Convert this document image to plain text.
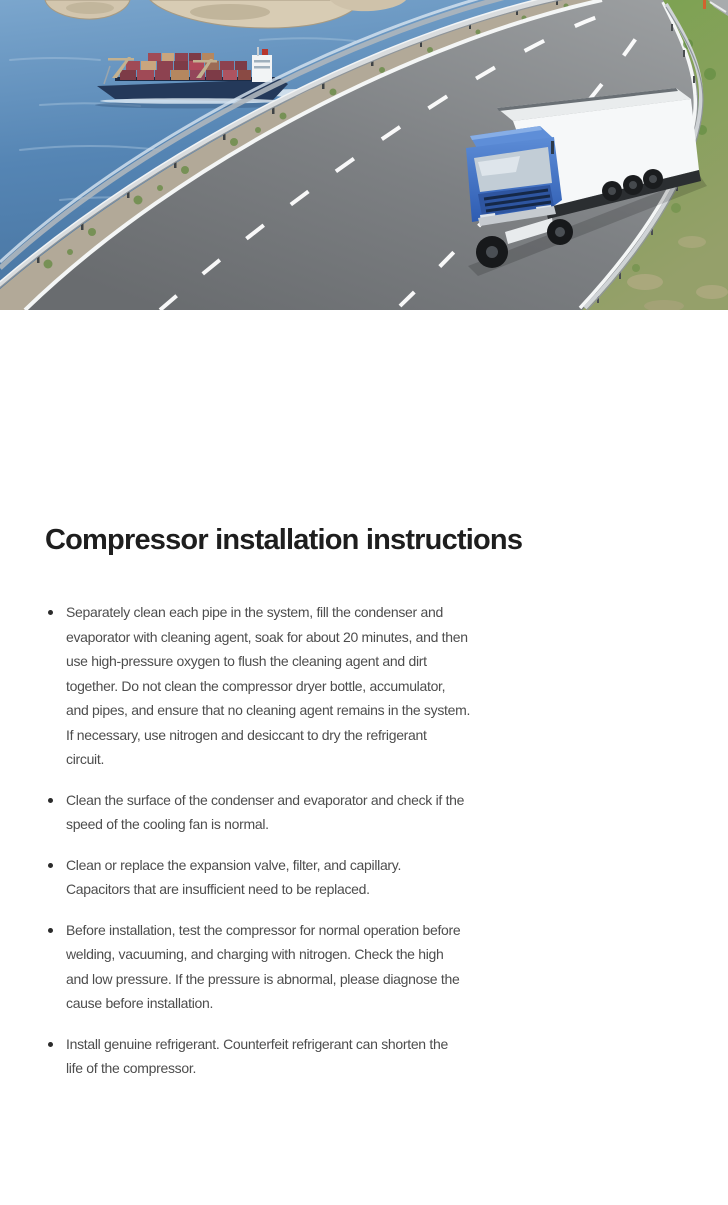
Compressor installation instructions
Separately clean each pipe in the system, fill the condenser and
evaporator with cleaning agent, soak for about 20 minutes, and then
use high-pressure oxygen to flush the cleaning agent and dirt
together. Do not clean the compressor dryer bottle, accumulator,
and pipes, and ensure that no cleaning agent remains in the system.
If necessary, use nitrogen and desiccant to dry the refrigerant
circuit.
Clean the surface of the condenser and evaporator and check if the
speed of the cooling fan is normal.
Clean or replace the expansion valve, filter, and capillary.
Capacitors that are insufficient need to be replaced.
Before installation, test the compressor for normal operation before
welding, vacuuming, and charging with nitrogen. Check the high
and low pressure. If the pressure is abnormal, please diagnose the
cause before installation.
Install genuine refrigerant. Counterfeit refrigerant can shorten the
life of the compressor.
